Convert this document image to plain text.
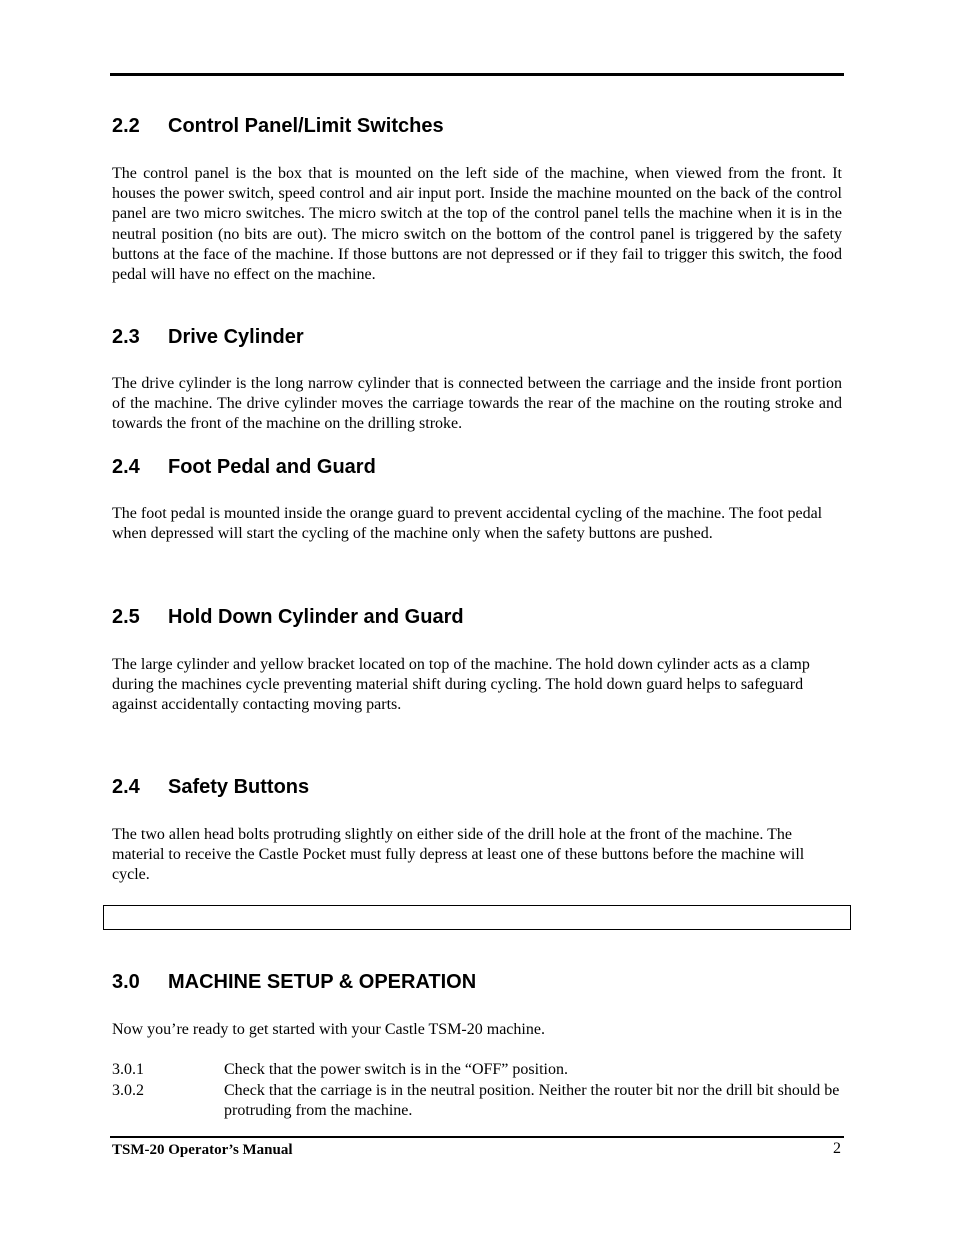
2.2 Control Panel/Limit Switches

The control panel is the box that is mounted on the left side of the machine, when viewed from the front. It houses the power switch, speed control and air input port. Inside the machine mounted on the back of the control panel are two micro switches. The micro switch at the top of the control panel tells the machine when it is in the neutral position (no bits are out). The micro switch on the bottom of the control panel is triggered by the safety buttons at the face of the machine. If those buttons are not depressed or if they fail to trigger this switch, the food pedal will have no effect on the machine.

2.3 Drive Cylinder

The drive cylinder is the long narrow cylinder that is connected between the carriage and the inside front portion of the machine. The drive cylinder moves the carriage towards the rear of the machine on the routing stroke and towards the front of the machine on the drilling stroke.

2.4 Foot Pedal and Guard

The foot pedal is mounted inside the orange guard to prevent accidental cycling of the machine. The foot pedal when depressed will start the cycling of the machine only when the safety buttons are pushed.

2.5 Hold Down Cylinder and Guard

The large cylinder and yellow bracket located on top of the machine. The hold down cylinder acts as a clamp during the machines cycle preventing material shift during cycling. The hold down guard helps to safeguard against accidentally contacting moving parts.

2.4 Safety Buttons

The two allen head bolts protruding slightly on either side of the drill hole at the front of the machine. The material to receive the Castle Pocket must fully depress at least one of these buttons before the machine will cycle.

3.0 MACHINE SETUP & OPERATION

Now you’re ready to get started with your Castle TSM-20 machine.

3.0.1	Check that the power switch is in the “OFF” position.
3.0.2	Check that the carriage is in the neutral position. Neither the router bit nor the drill bit should be protruding from the machine.
TSM-20 Operator’s Manual	2
